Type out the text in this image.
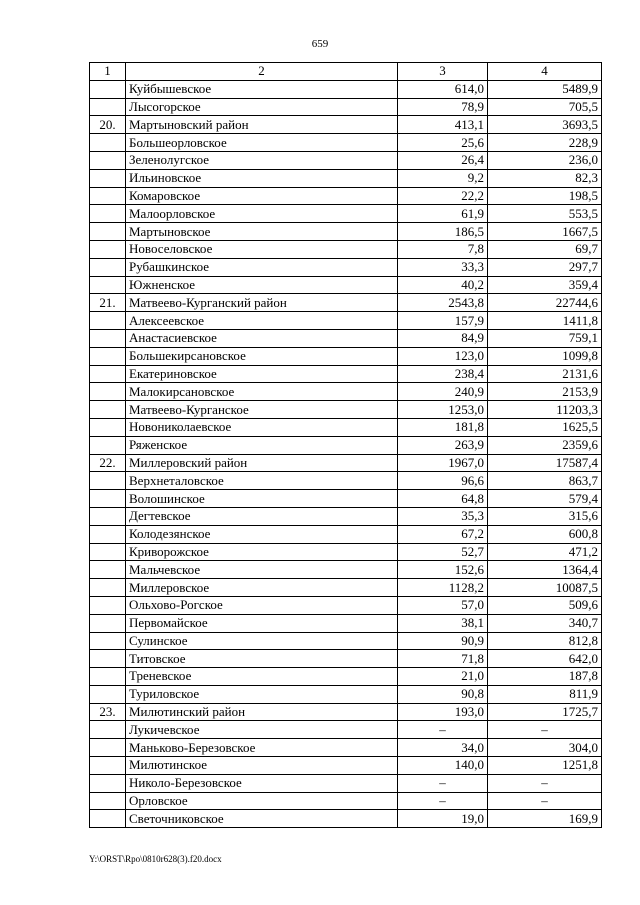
659
1	2	3	4
	Куйбышевское	614,0	5489,9
	Лысогорское	78,9	705,5
20.	Мартыновский район	413,1	3693,5
	Большеорловское	25,6	228,9
	Зеленолугское	26,4	236,0
	Ильиновское	9,2	82,3
	Комаровское	22,2	198,5
	Малоорловское	61,9	553,5
	Мартыновское	186,5	1667,5
	Новоселовское	7,8	69,7
	Рубашкинское	33,3	297,7
	Южненское	40,2	359,4
21.	Матвеево-Курганский район	2543,8	22744,6
	Алексеевское	157,9	1411,8
	Анастасиевское	84,9	759,1
	Большекирсановское	123,0	1099,8
	Екатериновское	238,4	2131,6
	Малокирсановское	240,9	2153,9
	Матвеево-Курганское	1253,0	11203,3
	Новониколаевское	181,8	1625,5
	Ряженское	263,9	2359,6
22.	Миллеровский район	1967,0	17587,4
	Верхнеталовское	96,6	863,7
	Волошинское	64,8	579,4
	Дегтевское	35,3	315,6
	Колодезянское	67,2	600,8
	Криворожское	52,7	471,2
	Мальчевское	152,6	1364,4
	Миллеровское	1128,2	10087,5
	Ольхово-Рогское	57,0	509,6
	Первомайское	38,1	340,7
	Сулинское	90,9	812,8
	Титовское	71,8	642,0
	Треневское	21,0	187,8
	Туриловское	90,8	811,9
23.	Милютинский район	193,0	1725,7
	Лукичевское	–	–
	Маньково-Березовское	34,0	304,0
	Милютинское	140,0	1251,8
	Николо-Березовское	–	–
	Орловское	–	–
	Светочниковское	19,0	169,9
Y:\ORST\Rpo\0810r628(3).f20.docx
